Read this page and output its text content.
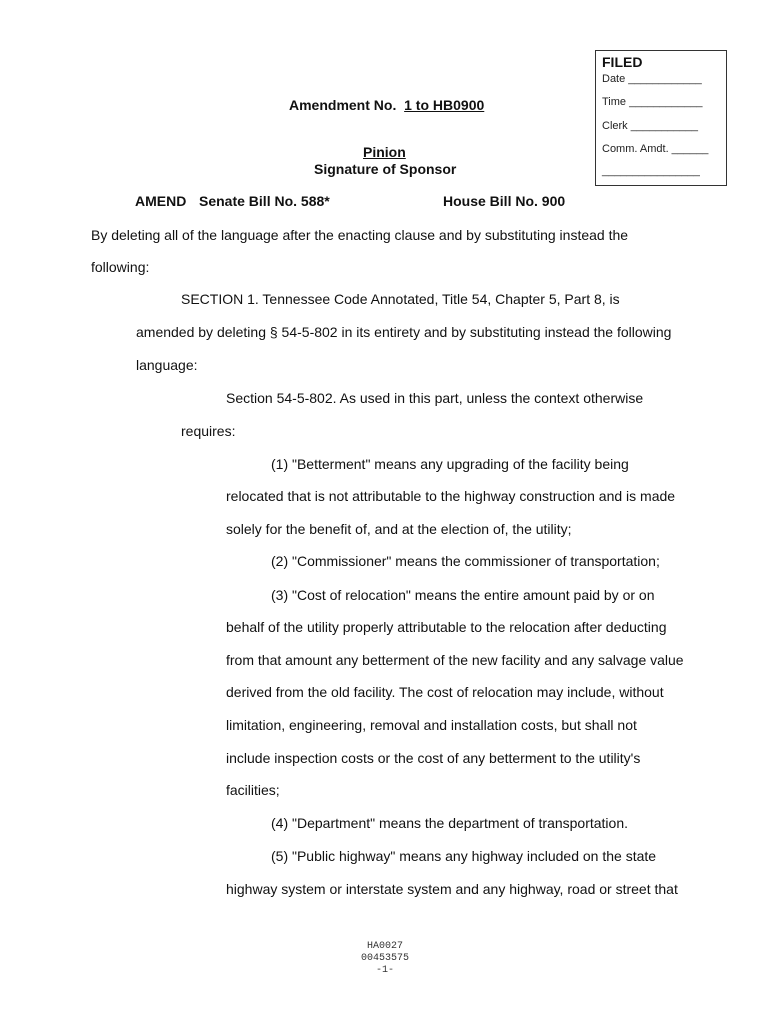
FILED
Date ____________
Time ____________
Clerk ___________
Comm. Amdt. ______
________________
Amendment No. 1 to HB0900
Pinion
Signature of Sponsor
AMEND Senate Bill No. 588*	House Bill No. 900
By deleting all of the language after the enacting clause and by substituting instead the
following:
SECTION 1. Tennessee Code Annotated, Title 54, Chapter 5, Part 8, is
amended by deleting § 54-5-802 in its entirety and by substituting instead the following
language:
Section 54-5-802. As used in this part, unless the context otherwise
requires:
(1) "Betterment" means any upgrading of the facility being
relocated that is not attributable to the highway construction and is made
solely for the benefit of, and at the election of, the utility;
(2) "Commissioner" means the commissioner of transportation;
(3) "Cost of relocation" means the entire amount paid by or on
behalf of the utility properly attributable to the relocation after deducting
from that amount any betterment of the new facility and any salvage value
derived from the old facility. The cost of relocation may include, without
limitation, engineering, removal and installation costs, but shall not
include inspection costs or the cost of any betterment to the utility's
facilities;
(4) "Department" means the department of transportation.
(5) "Public highway" means any highway included on the state
highway system or interstate system and any highway, road or street that
HA0027
00453575
-1-
